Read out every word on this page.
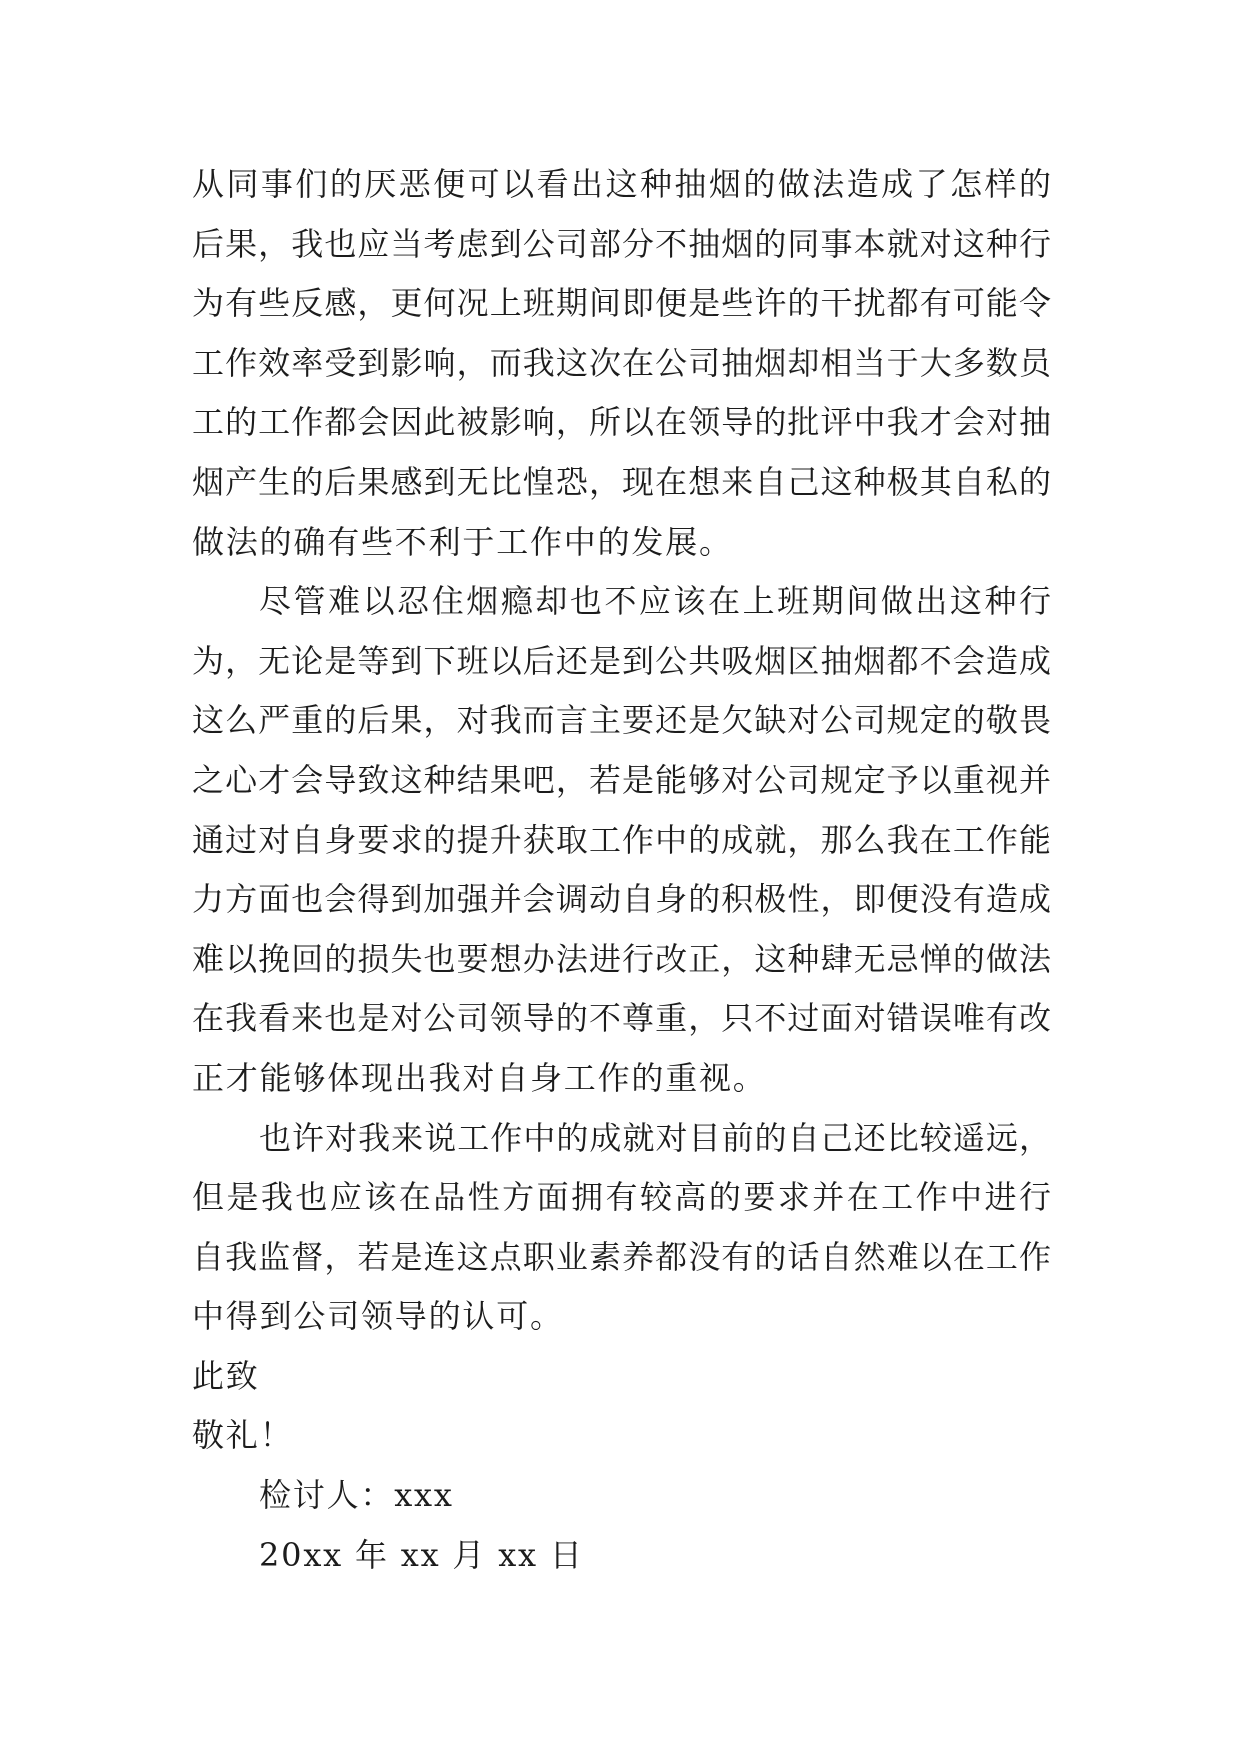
从同事们的厌恶便可以看出这种抽烟的做法造成了怎样的
后果，我也应当考虑到公司部分不抽烟的同事本就对这种行
为有些反感，更何况上班期间即便是些许的干扰都有可能令
工作效率受到影响，而我这次在公司抽烟却相当于大多数员
工的工作都会因此被影响，所以在领导的批评中我才会对抽
烟产生的后果感到无比惶恐，现在想来自己这种极其自私的
做法的确有些不利于工作中的发展。
尽管难以忍住烟瘾却也不应该在上班期间做出这种行
为，无论是等到下班以后还是到公共吸烟区抽烟都不会造成
这么严重的后果，对我而言主要还是欠缺对公司规定的敬畏
之心才会导致这种结果吧，若是能够对公司规定予以重视并
通过对自身要求的提升获取工作中的成就，那么我在工作能
力方面也会得到加强并会调动自身的积极性，即便没有造成
难以挽回的损失也要想办法进行改正，这种肆无忌惮的做法
在我看来也是对公司领导的不尊重，只不过面对错误唯有改
正才能够体现出我对自身工作的重视。
也许对我来说工作中的成就对目前的自己还比较遥远，
但是我也应该在品性方面拥有较高的要求并在工作中进行
自我监督，若是连这点职业素养都没有的话自然难以在工作
中得到公司领导的认可。
此致
敬礼！
检讨人：xxx
20xx 年 xx 月 xx 日
